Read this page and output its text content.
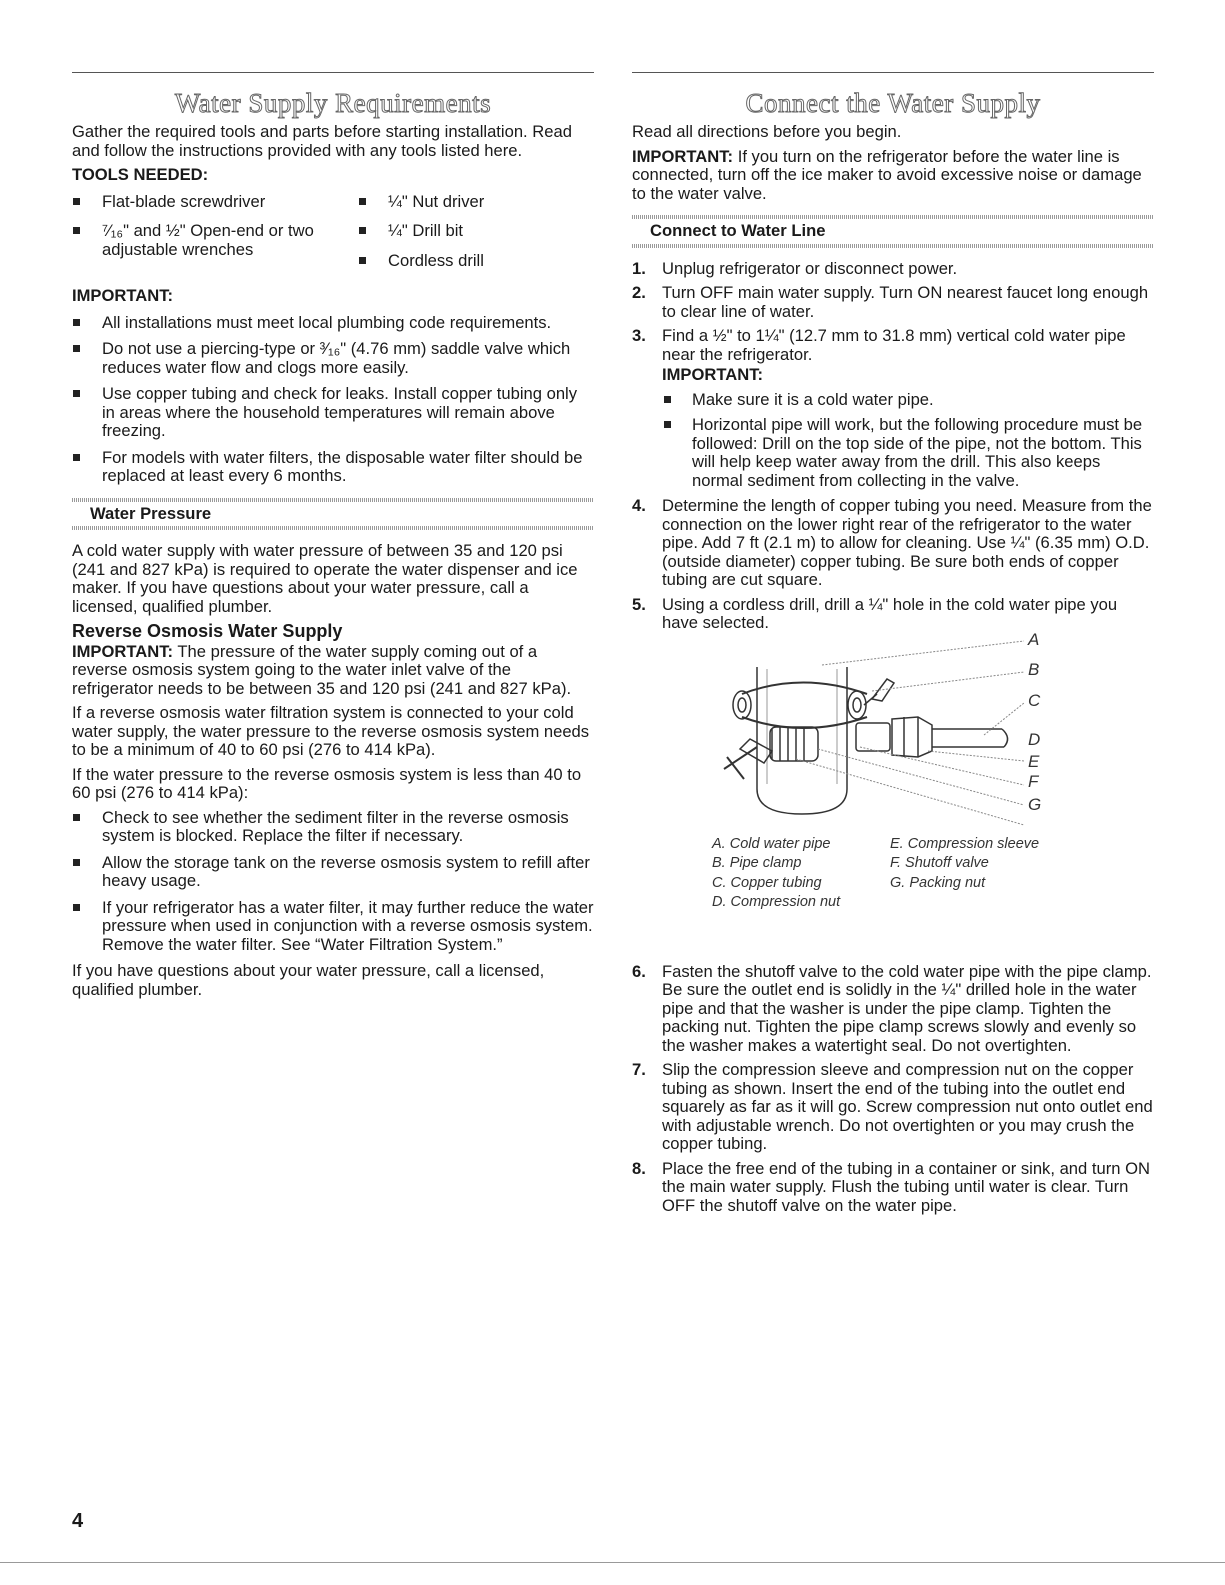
Water Supply Requirements

Gather the required tools and parts before starting installation. Read and follow the instructions provided with any tools listed here.

TOOLS NEEDED:
Flat-blade screwdriver
⁷⁄₁₆" and ½" Open-end or two adjustable wrenches
¼" Nut driver
¼" Drill bit
Cordless drill
IMPORTANT:
All installations must meet local plumbing code requirements.
Do not use a piercing-type or ³⁄₁₆" (4.76 mm) saddle valve which reduces water flow and clogs more easily.
Use copper tubing and check for leaks. Install copper tubing only in areas where the household temperatures will remain above freezing.
For models with water filters, the disposable water filter should be replaced at least every 6 months.
Water Pressure

A cold water supply with water pressure of between 35 and 120 psi (241 and 827 kPa) is required to operate the water dispenser and ice maker. If you have questions about your water pressure, call a licensed, qualified plumber.

Reverse Osmosis Water Supply

IMPORTANT: The pressure of the water supply coming out of a reverse osmosis system going to the water inlet valve of the refrigerator needs to be between 35 and 120 psi (241 and 827 kPa).

If a reverse osmosis water filtration system is connected to your cold water supply, the water pressure to the reverse osmosis system needs to be a minimum of 40 to 60 psi (276 to 414 kPa).

If the water pressure to the reverse osmosis system is less than 40 to 60 psi (276 to 414 kPa):

Check to see whether the sediment filter in the reverse osmosis system is blocked. Replace the filter if necessary.
Allow the storage tank on the reverse osmosis system to refill after heavy usage.
If your refrigerator has a water filter, it may further reduce the water pressure when used in conjunction with a reverse osmosis system. Remove the water filter. See “Water Filtration System.”

If you have questions about your water pressure, call a licensed, qualified plumber.

Connect the Water Supply

Read all directions before you begin.

IMPORTANT: If you turn on the refrigerator before the water line is connected, turn off the ice maker to avoid excessive noise or damage to the water valve.

Connect to Water Line
1. Unplug refrigerator or disconnect power.
2. Turn OFF main water supply. Turn ON nearest faucet long enough to clear line of water.
3. Find a ½" to 1¼" (12.7 mm to 31.8 mm) vertical cold water pipe near the refrigerator.
IMPORTANT:
Make sure it is a cold water pipe.
Horizontal pipe will work, but the following procedure must be followed: Drill on the top side of the pipe, not the bottom. This will help keep water away from the drill. This also keeps normal sediment from collecting in the valve.
4. Determine the length of copper tubing you need. Measure from the connection on the lower right rear of the refrigerator to the water pipe. Add 7 ft (2.1 m) to allow for cleaning. Use ¼" (6.35 mm) O.D. (outside diameter) copper tubing. Be sure both ends of copper tubing are cut square.
5. Using a cordless drill, drill a ¼" hole in the cold water pipe you have selected.
A
B
C
D
E
F
G
A. Cold water pipe
B. Pipe clamp
C. Copper tubing
D. Compression nut
E. Compression sleeve
F. Shutoff valve
G. Packing nut
6. Fasten the shutoff valve to the cold water pipe with the pipe clamp. Be sure the outlet end is solidly in the ¼" drilled hole in the water pipe and that the washer is under the pipe clamp. Tighten the packing nut. Tighten the pipe clamp screws slowly and evenly so the washer makes a watertight seal. Do not overtighten.
7. Slip the compression sleeve and compression nut on the copper tubing as shown. Insert the end of the tubing into the outlet end squarely as far as it will go. Screw compression nut onto outlet end with adjustable wrench. Do not overtighten or you may crush the copper tubing.
8. Place the free end of the tubing in a container or sink, and turn ON the main water supply. Flush the tubing until water is clear. Turn OFF the shutoff valve on the water pipe.
4
